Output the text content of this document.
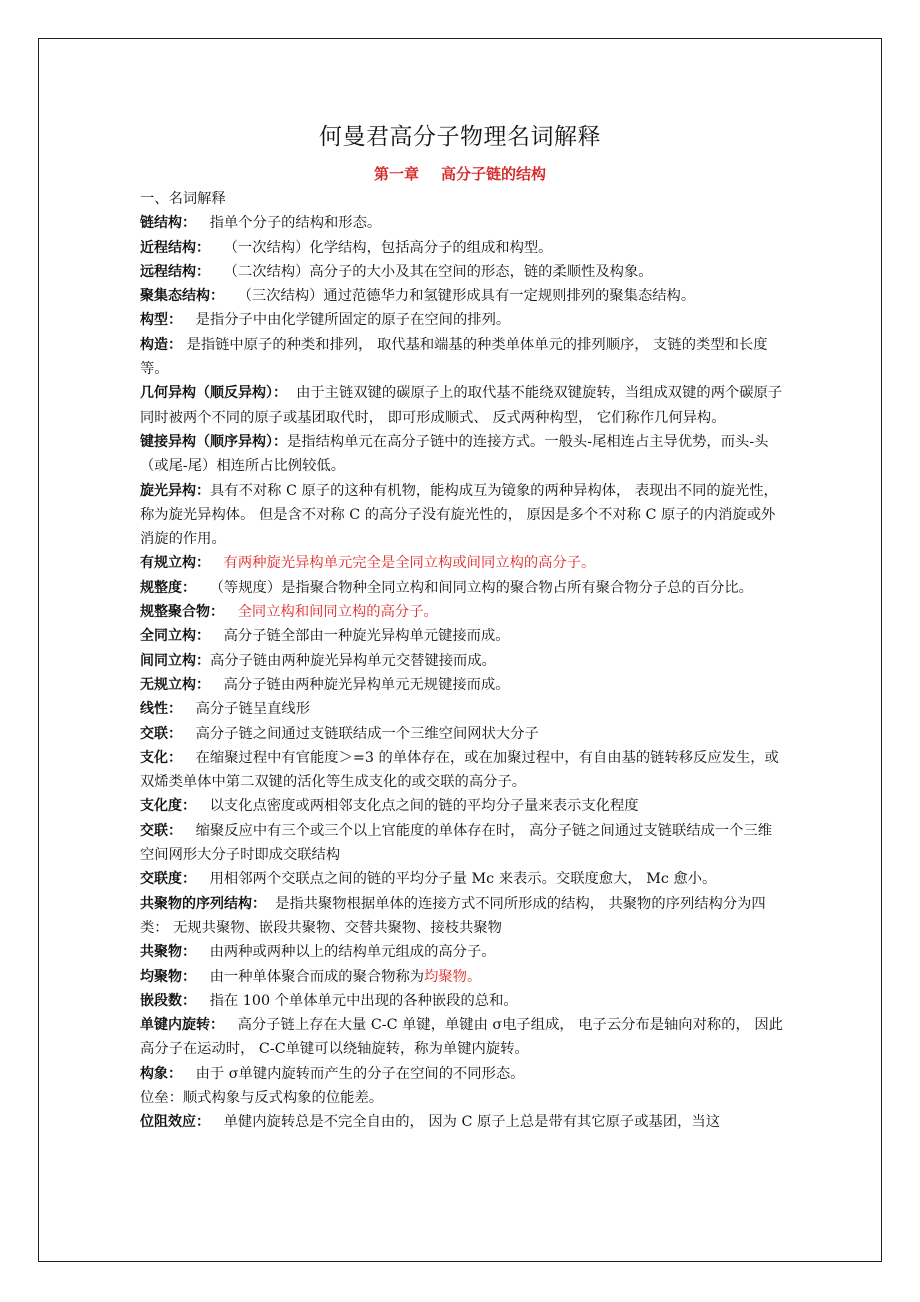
何曼君高分子物理名词解释

第一章 高分子链的结构

一、名词解释

链结构： 指单个分子的结构和形态。

近程结构： （一次结构）化学结构，包括高分子的组成和构型。

远程结构： （二次结构）高分子的大小及其在空间的形态，链的柔顺性及构象。

聚集态结构： （三次结构）通过范德华力和氢键形成具有一定规则排列的聚集态结构。

构型： 是指分子中由化学键所固定的原子在空间的排列。

构造： 是指链中原子的种类和排列， 取代基和端基的种类单体单元的排列顺序， 支链的类型和长度等。

几何异构（顺反异构）： 由于主链双键的碳原子上的取代基不能绕双键旋转，当组成双键的两个碳原子同时被两个不同的原子或基团取代时， 即可形成顺式、 反式两种构型， 它们称作几何异构。

键接异构（顺序异构）：是指结构单元在高分子链中的连接方式。一般头-尾相连占主导优势，而头-头（或尾-尾）相连所占比例较低。

旋光异构：具有不对称 C 原子的这种有机物，能构成互为镜象的两种异构体， 表现出不同的旋光性， 称为旋光异构体。 但是含不对称 C 的高分子没有旋光性的， 原因是多个不对称 C 原子的内消旋或外消旋的作用。

有规立构： 有两种旋光异构单元完全是全同立构或间同立构的高分子。

规整度： （等规度）是指聚合物种全同立构和间同立构的聚合物占所有聚合物分子总的百分比。

规整聚合物： 全同立构和间同立构的高分子。

全同立构： 高分子链全部由一种旋光异构单元键接而成。

间同立构：高分子链由两种旋光异构单元交替键接而成。

无规立构： 高分子链由两种旋光异构单元无规键接而成。

线性： 高分子链呈直线形

交联： 高分子链之间通过支链联结成一个三维空间网状大分子

支化： 在缩聚过程中有官能度＞=3 的单体存在，或在加聚过程中，有自由基的链转移反应发生，或双烯类单体中第二双键的活化等生成支化的或交联的高分子。

支化度： 以支化点密度或两相邻支化点之间的链的平均分子量来表示支化程度

交联： 缩聚反应中有三个或三个以上官能度的单体存在时， 高分子链之间通过支链联结成一个三维空间网形大分子时即成交联结构

交联度： 用相邻两个交联点之间的链的平均分子量 Mc 来表示。交联度愈大， Mc 愈小。

共聚物的序列结构： 是指共聚物根据单体的连接方式不同所形成的结构， 共聚物的序列结构分为四类： 无规共聚物、嵌段共聚物、交替共聚物、接枝共聚物

共聚物： 由两种或两种以上的结构单元组成的高分子。

均聚物： 由一种单体聚合而成的聚合物称为均聚物。

嵌段数： 指在 100 个单体单元中出现的各种嵌段的总和。

单键内旋转： 高分子链上存在大量 C-C 单键，单键由 σ电子组成， 电子云分布是轴向对称的， 因此高分子在运动时， C-C单键可以绕轴旋转，称为单键内旋转。

构象： 由于 σ单键内旋转而产生的分子在空间的不同形态。

位垒：顺式构象与反式构象的位能差。

位阻效应： 单健内旋转总是不完全自由的， 因为 C 原子上总是带有其它原子或基团，当这
